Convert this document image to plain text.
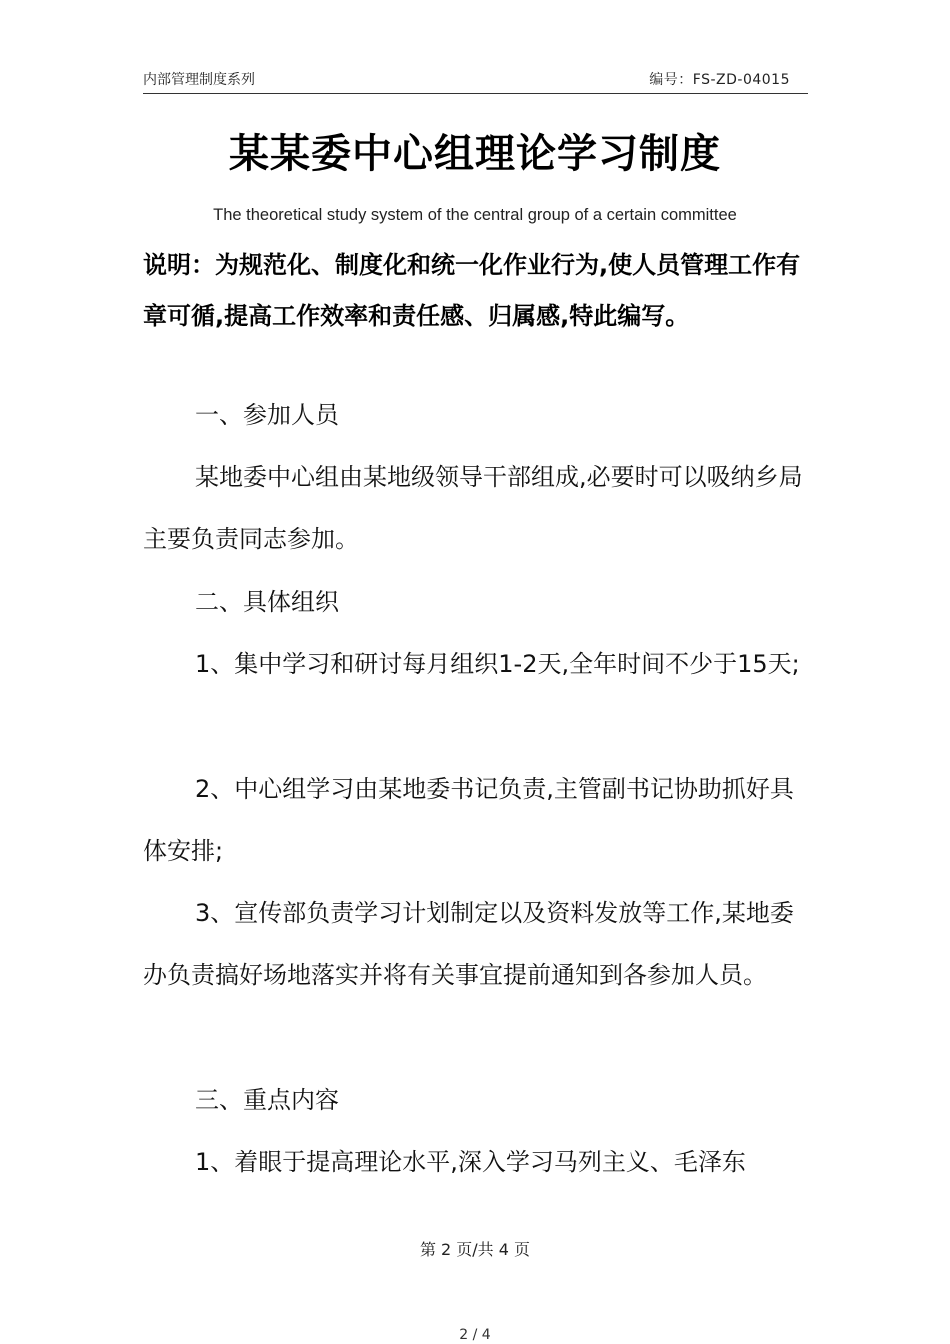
内部管理制度系列	编号：FS-ZD-04015
某某委中心组理论学习制度
The theoretical study system of the central group of a certain committee

说明：为规范化、制度化和统一化作业行为,使人员管理工作有章可循,提高工作效率和责任感、归属感,特此编写。

一、参加人员

某地委中心组由某地级领导干部组成,必要时可以吸纳乡局主要负责同志参加。

二、具体组织

1、集中学习和研讨每月组织1-2天,全年时间不少于15天;

2、中心组学习由某地委书记负责,主管副书记协助抓好具体安排;

3、宣传部负责学习计划制定以及资料发放等工作,某地委办负责搞好场地落实并将有关事宜提前通知到各参加人员。

三、重点内容

1、着眼于提高理论水平,深入学习马列主义、毛泽东

第 2 页/共 4 页
2 / 4
